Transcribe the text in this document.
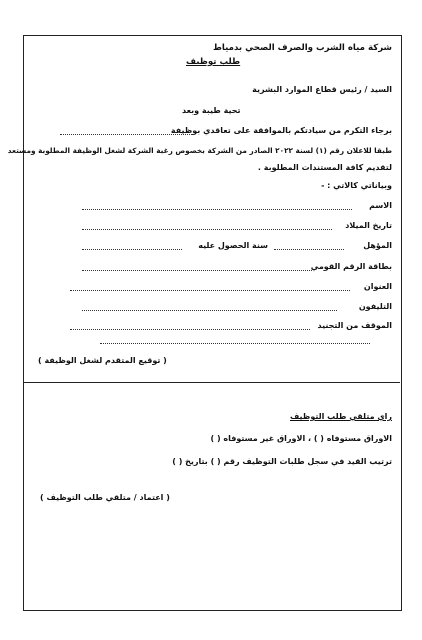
شركة مياه الشرب والصرف الصحي بدمياط
طلب توظيف
السيد / رئيس قطاع الموارد البشرية
تحية طيبة وبعد
برجاء التكرم من سيادتكم بالموافقة على تعاقدي بوظيفة
طبقا للاعلان رقم (١) لسنة ٢٠٢٢ الصادر من الشركة بخصوص رغبة الشركة لشغل الوظيفة المطلوبة ومستعد
لتقديم كافة المستندات المطلوبة .
وبياناتي كالاتي : -
الاسم
تاريخ الميلاد
المؤهل
سنة الحصول عليه
بطاقة الرقم القومي
العنوان
التليفون
الموقف من التجنيد
( توقيع المتقدم لشغل الوظيفة )
راي متلقي طلب التوظيف
الاوراق مستوفاه ( ) ، الاوراق غير مستوفاه ( )
ترتيب القيد في سجل طلبات التوظيف رقم ( ) بتاريخ ( )
( اعتماد / متلقي طلب التوظيف )
